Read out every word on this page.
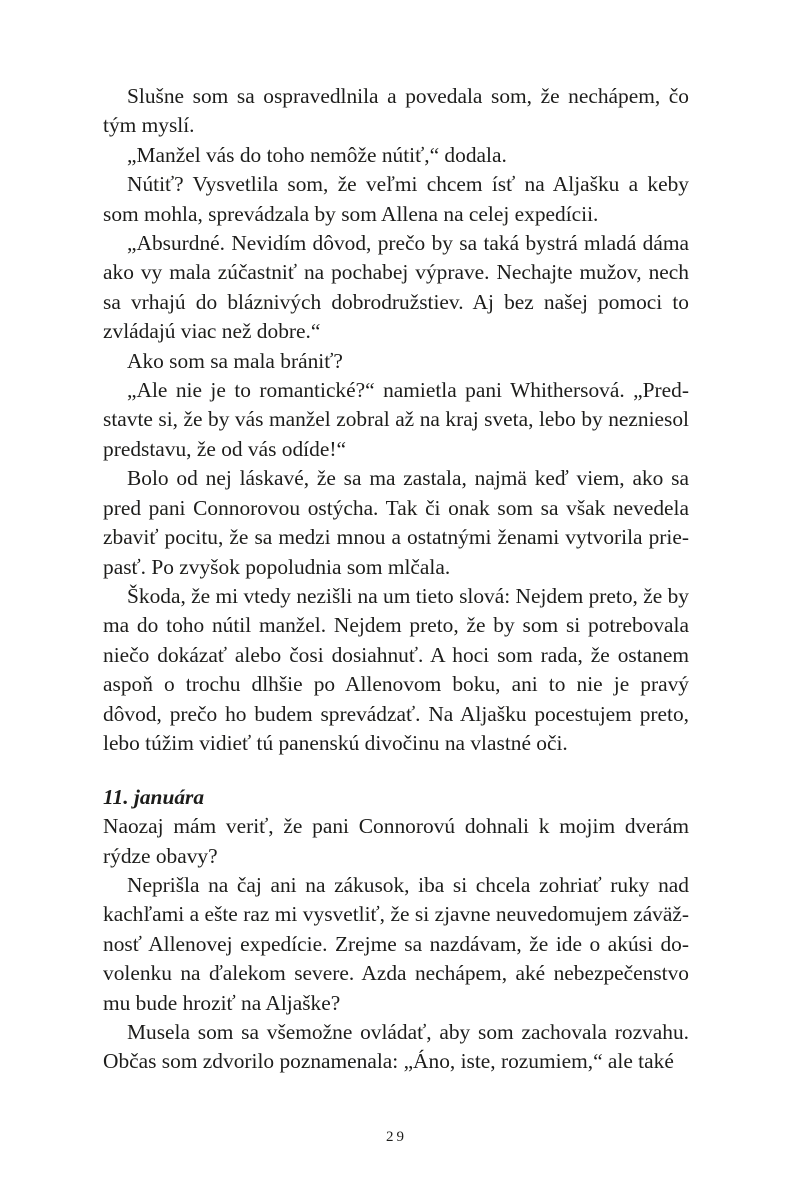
Slušne som sa ospravedlnila a povedala som, že nechápem, čo tým myslí.

„Manžel vás do toho nemôže nútiť,“ dodala.

Nútiť? Vysvetlila som, že veľmi chcem ísť na Aljašku a keby som mohla, sprevádzala by som Allena na celej expedícii.

„Absurdné. Nevidím dôvod, prečo by sa taká bystrá mladá dáma ako vy mala zúčastniť na pochabej výprave. Nechajte mužov, nech sa vrhajú do bláznivých dobrodružstiev. Aj bez našej pomoci to zvládajú viac než dobre.“

Ako som sa mala brániť?

„Ale nie je to romantické?“ namietla pani Whithersová. „Predstavte si, že by vás manžel zobral až na kraj sveta, lebo by nezniesol predstavu, že od vás odíde!“

Bolo od nej láskavé, že sa ma zastala, najmä keď viem, ako sa pred pani Connorovou ostýcha. Tak či onak som sa však nevedela zbaviť pocitu, že sa medzi mnou a ostatnými ženami vytvorila priepasť. Po zvyšok popoludnia som mlčala.

Škoda, že mi vtedy nezišli na um tieto slová: Nejdem preto, že by ma do toho nútil manžel. Nejdem preto, že by som si potrebovala niečo dokázať alebo čosi dosiahnuť. A hoci som rada, že ostanem aspoň o trochu dlhšie po Allenovom boku, ani to nie je pravý dôvod, prečo ho budem sprevádzať. Na Aljašku pocestujem preto, lebo túžim vidieť tú panenskú divočinu na vlastné oči.

11. januára

Naozaj mám veriť, že pani Connorovú dohnali k mojim dverám rýdze obavy?

Neprišla na čaj ani na zákusok, iba si chcela zohriať ruky nad kachľami a ešte raz mi vysvetliť, že si zjavne neuvedomujem záväžnosť Allenovej expedície. Zrejme sa nazdávam, že ide o akúsi dovolenku na ďalekom severe. Azda nechápem, aké nebezpečenstvo mu bude hroziť na Aljaške?

Musela som sa všemožne ovládať, aby som zachovala rozvahu. Občas som zdvorilo poznamenala: „Áno, iste, rozumiem,“ ale také

29
